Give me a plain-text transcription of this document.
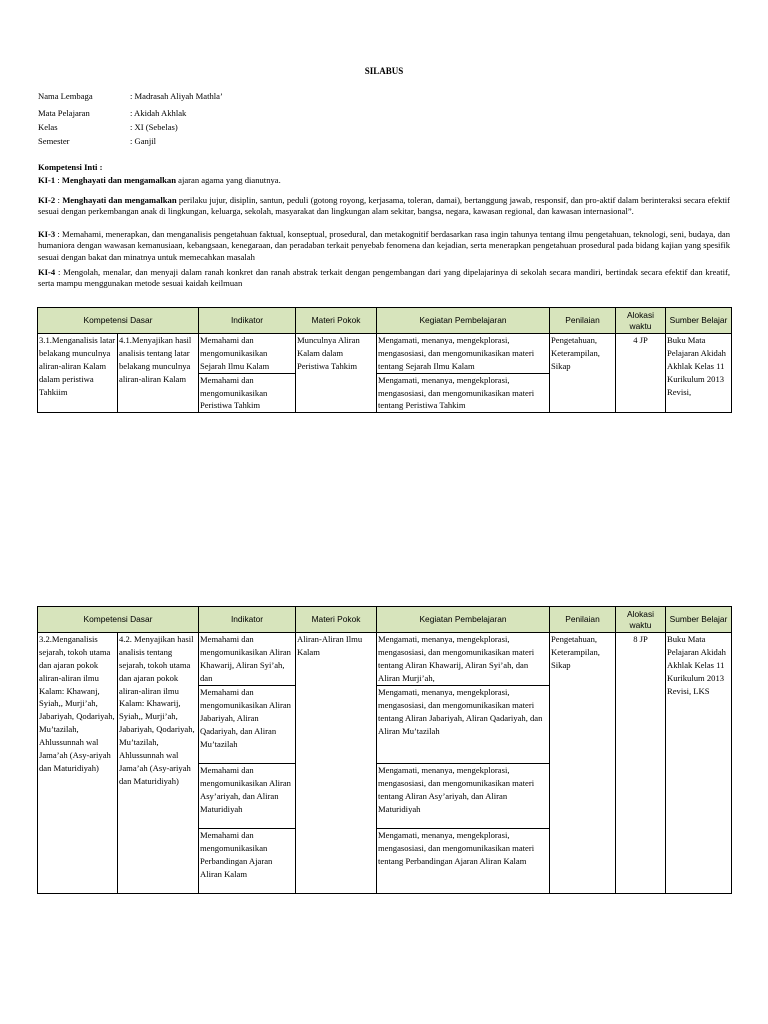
SILABUS
Nama Lembaga	: Madrasah Aliyah Mathla’
Mata Pelajaran	: Akidah Akhlak
Kelas	: XI (Sebelas)
Semester	: Ganjil
Kompetensi Inti :
KI-1 : Menghayati dan mengamalkan ajaran agama yang dianutnya.
KI-2 : Menghayati dan mengamalkan perilaku jujur, disiplin, santun, peduli (gotong royong, kerjasama, toleran, damai), bertanggung jawab, responsif, dan pro-aktif dalam berinteraksi secara efektif sesuai dengan perkembangan anak di lingkungan, keluarga, sekolah, masyarakat dan lingkungan alam sekitar, bangsa, negara, kawasan regional, dan kawasan internasional”.
KI-3 : Memahami, menerapkan, dan menganalisis pengetahuan faktual, konseptual, prosedural, dan metakognitif berdasarkan rasa ingin tahunya tentang ilmu pengetahuan, teknologi, seni, budaya, dan humaniora dengan wawasan kemanusiaan, kebangsaan, kenegaraan, dan peradaban terkait penyebab fenomena dan kejadian, serta menerapkan pengetahuan prosedural pada bidang kajian yang spesifik sesuai dengan bakat dan minatnya untuk memecahkan masalah
KI-4 : Mengolah, menalar, dan menyaji dalam ranah konkret dan ranah abstrak terkait dengan pengembangan dari yang dipelajarinya di sekolah secara mandiri, bertindak secara efektif dan kreatif, serta mampu menggunakan metode sesuai kaidah keilmuan
Kompetensi Dasar		Indikator	Materi Pokok	Kegiatan Pembelajaran	Penilaian	Alokasi waktu	Sumber Belajar
3.1.Menganalisis latar belakang munculnya aliran-aliran Kalam dalam peristiwa Tahkiim	4.1.Menyajikan hasil analisis tentang latar belakang munculnya aliran-aliran Kalam	Memahami dan mengomunikasikan Sejarah Ilmu Kalam	Munculnya Aliran Kalam dalam Peristiwa Tahkim	Mengamati, menanya, mengekplorasi, mengasosiasi, dan mengomunikasikan materi tentang Sejarah Ilmu Kalam	Pengetahuan, Keterampilan, Sikap	4 JP	Buku Mata Pelajaran Akidah Akhlak Kelas 11 Kurikulum 2013 Revisi,
		Memahami dan mengomunikasikan Peristiwa Tahkim		Mengamati, menanya, mengekplorasi, mengasosiasi, dan mengomunikasikan materi tentang Peristiwa Tahkim			
Kompetensi Dasar		Indikator	Materi Pokok	Kegiatan Pembelajaran	Penilaian	Alokasi waktu	Sumber Belajar
3.2.Menganalisis sejarah, tokoh utama dan ajaran pokok aliran-aliran ilmu Kalam: Khawanj, Syiah,, Murji’ah, Jabariyah, Qodariyah, Mu’tazilah, Ahlussunnah wal Jama’ah (Asy-ariyah dan Maturidiyah)	4.2. Menyajikan hasil analisis tentang sejarah, tokoh utama dan ajaran pokok aliran-aliran ilmu Kalam: Khawarij, Syiah,, Murji’ah, Jabariyah, Qodariyah, Mu’tazilah, Ahlussunnah wal Jama’ah (Asy-ariyah dan Maturidiyah)	Memahami dan mengomunikasikan Aliran Khawarij, Aliran Syi’ah, dan	Aliran-Aliran Ilmu Kalam	Mengamati, menanya, mengekplorasi, mengasosiasi, dan mengomunikasikan materi tentang Aliran Khawarij, Aliran Syi’ah, dan Aliran Murji’ah,	Pengetahuan, Keterampilan, Sikap	8 JP	Buku Mata Pelajaran Akidah Akhlak Kelas 11 Kurikulum 2013 Revisi, LKS
		Memahami dan mengomunikasikan Aliran Jabariyah, Aliran Qadariyah, dan Aliran Mu’tazilah		Mengamati, menanya, mengekplorasi, mengasosiasi, dan mengomunikasikan materi tentang Aliran Jabariyah, Aliran Qadariyah, dan Aliran Mu’tazilah			
		Memahami dan mengomunikasikan Aliran Asy’ariyah, dan Aliran Maturidiyah		Mengamati, menanya, mengekplorasi, mengasosiasi, dan mengomunikasikan materi tentang Aliran Asy’ariyah, dan Aliran Maturidiyah			
		Memahami dan mengomunikasikan Perbandingan Ajaran Aliran Kalam		Mengamati, menanya, mengekplorasi, mengasosiasi, dan mengomunikasikan materi tentang Perbandingan Ajaran Aliran Kalam			
